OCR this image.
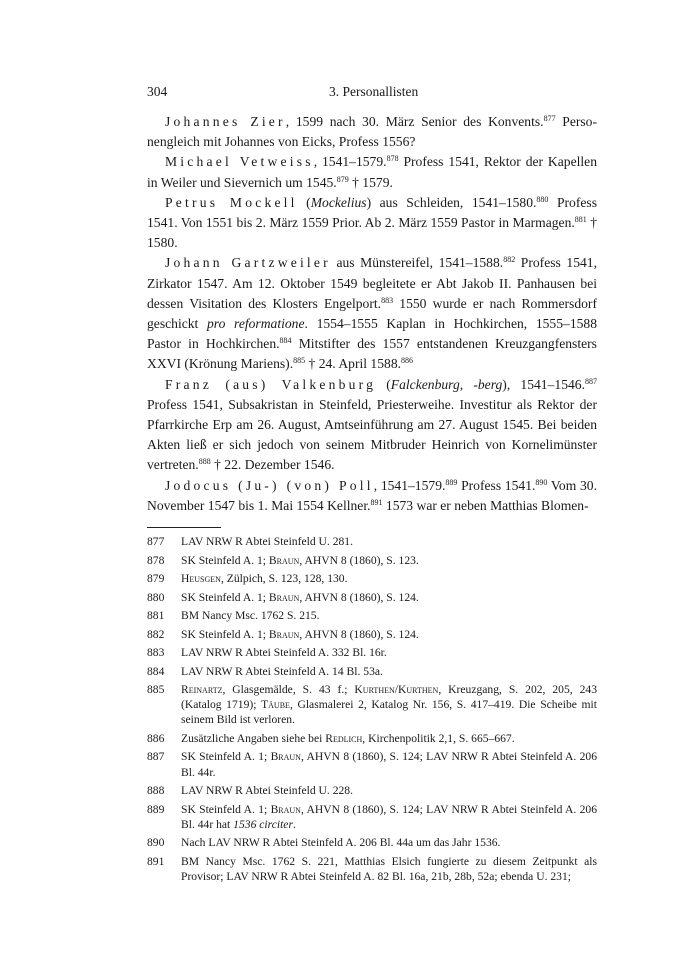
304	3. Personallisten

Johannes Zier, 1599 nach 30. März Senior des Konvents.$^{877}$ Personengleich mit Johannes von Eicks, Profess 1556?

Michael Vetweiss, 1541–1579.$^{878}$ Profess 1541, Rektor der Kapellen in Weiler und Sievernich um 1545.$^{879}$ † 1579.

Petrus Mockell (Mockelius) aus Schleiden, 1541–1580.$^{880}$ Profess 1541. Von 1551 bis 2. März 1559 Prior. Ab 2. März 1559 Pastor in Marmagen.$^{881}$ † 1580.

Johann Gartzweiler aus Münstereifel, 1541–1588.$^{882}$ Profess 1541, Zirkator 1547. Am 12. Oktober 1549 begleitete er Abt Jakob II. Panhausen bei dessen Visitation des Klosters Engelport.$^{883}$ 1550 wurde er nach Rommersdorf geschickt pro reformatione. 1554–1555 Kaplan in Hochkirchen, 1555–1588 Pastor in Hochkirchen.$^{884}$ Mitstifter des 1557 entstandenen Kreuzgangfensters XXVI (Krönung Mariens).$^{885}$ † 24. April 1588.$^{886}$

Franz (aus) Valkenburg (Falckenburg, -berg), 1541–1546.$^{887}$ Profess 1541, Subsakristan in Steinfeld, Priesterweihe. Investitur als Rektor der Pfarrkirche Erp am 26. August, Amtseinführung am 27. August 1545. Bei beiden Akten ließ er sich jedoch von seinem Mitbruder Heinrich von Kornelimünster vertreten.$^{888}$ † 22. Dezember 1546.

Jodocus (Ju-) (von) Poll, 1541–1579.$^{889}$ Profess 1541.$^{890}$ Vom 30. November 1547 bis 1. Mai 1554 Kellner.$^{891}$ 1573 war er neben Matthias Blomen-

877	LAV NRW R Abtei Steinfeld U. 281.
878	SK Steinfeld A. 1; Braun, AHVN 8 (1860), S. 123.
879	Heusgen, Zülpich, S. 123, 128, 130.
880	SK Steinfeld A. 1; Braun, AHVN 8 (1860), S. 124.
881	BM Nancy Msc. 1762 S. 215.
882	SK Steinfeld A. 1; Braun, AHVN 8 (1860), S. 124.
883	LAV NRW R Abtei Steinfeld A. 332 Bl. 16r.
884	LAV NRW R Abtei Steinfeld A. 14 Bl. 53a.
885	Reinartz, Glasgemälde, S. 43 f.; Kurthen/Kurthen, Kreuzgang, S. 202, 205, 243 (Katalog 1719); Täube, Glasmalerei 2, Katalog Nr. 156, S. 417–419. Die Scheibe mit seinem Bild ist verloren.
886	Zusätzliche Angaben siehe bei Redlich, Kirchenpolitik 2,1, S. 665–667.
887	SK Steinfeld A. 1; Braun, AHVN 8 (1860), S. 124; LAV NRW R Abtei Steinfeld A. 206 Bl. 44r.
888	LAV NRW R Abtei Steinfeld U. 228.
889	SK Steinfeld A. 1; Braun, AHVN 8 (1860), S. 124; LAV NRW R Abtei Steinfeld A. 206 Bl. 44r hat 1536 circiter.
890	Nach LAV NRW R Abtei Steinfeld A. 206 Bl. 44a um das Jahr 1536.
891	BM Nancy Msc. 1762 S. 221, Matthias Elsich fungierte zu diesem Zeitpunkt als Provisor; LAV NRW R Abtei Steinfeld A. 82 Bl. 16a, 21b, 28b, 52a; ebenda U. 231;
